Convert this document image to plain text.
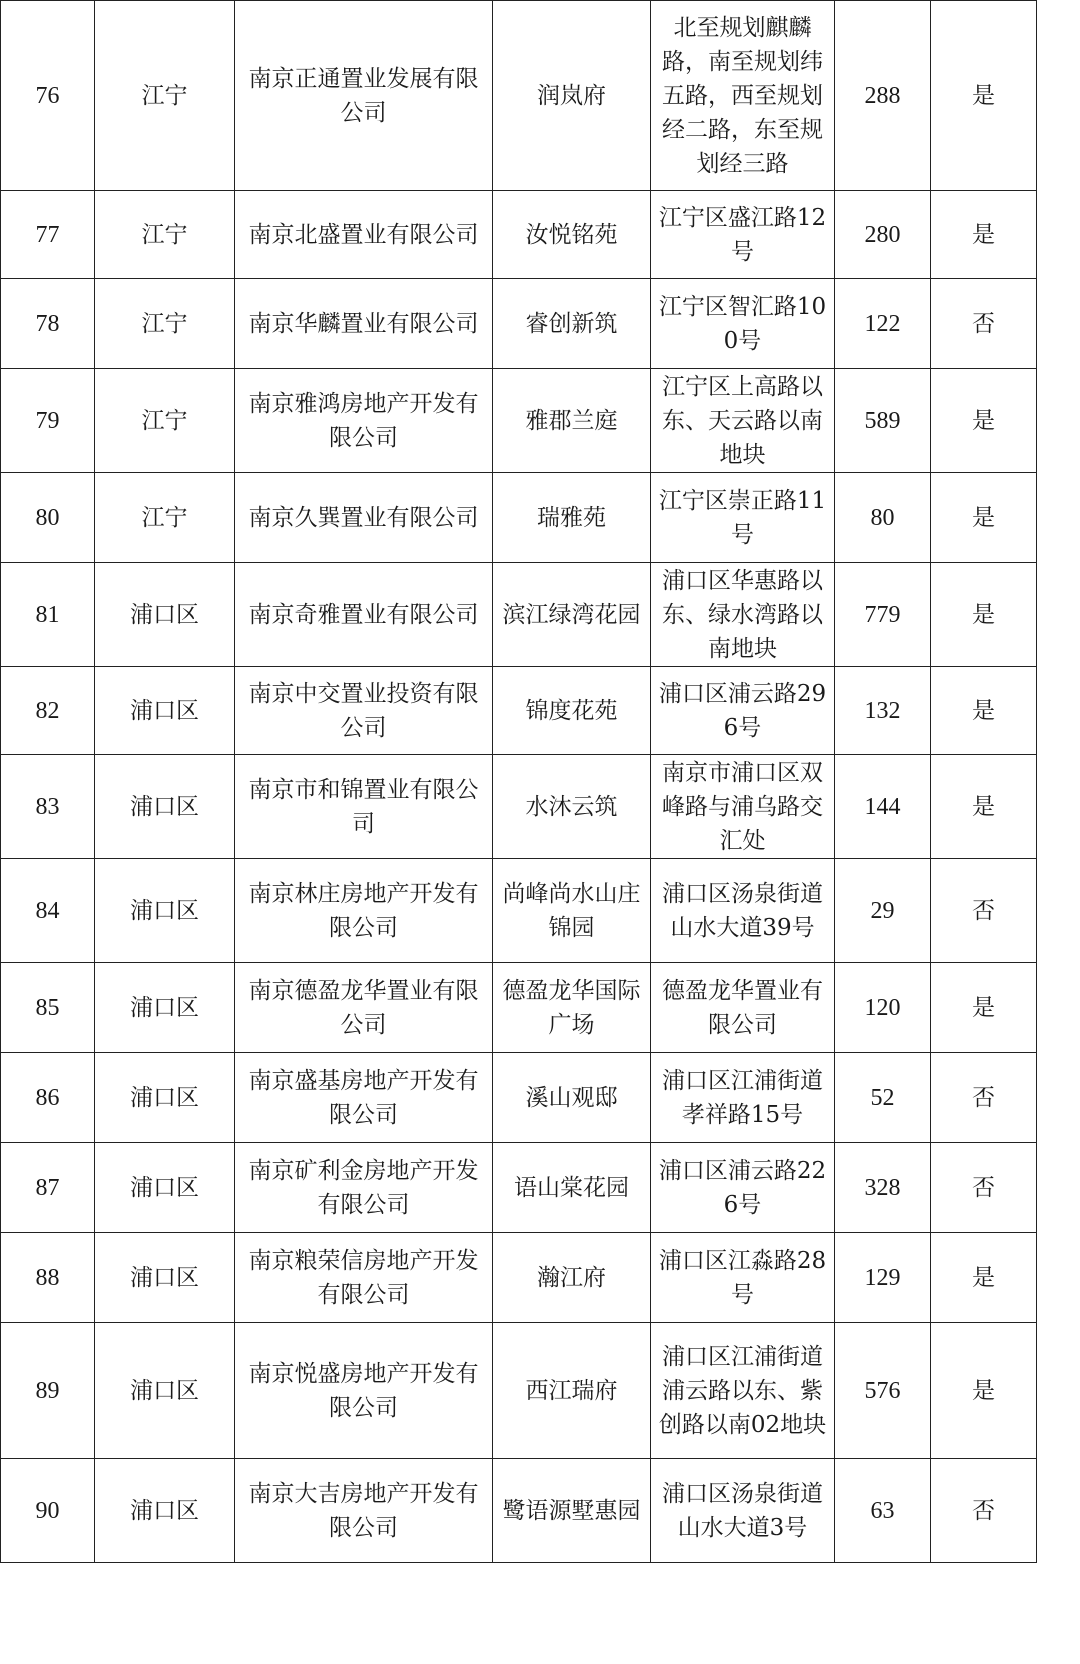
76	江宁	南京正通置业发展有限公司	润岚府	北至规划麒麟路，南至规划纬五路，西至规划经二路，东至规划经三路	288	是
77	江宁	南京北盛置业有限公司	汝悦铭苑	江宁区盛江路12号	280	是
78	江宁	南京华麟置业有限公司	睿创新筑	江宁区智汇路100号	122	否
79	江宁	南京雅鸿房地产开发有限公司	雅郡兰庭	江宁区上高路以东、天云路以南地块	589	是
80	江宁	南京久巽置业有限公司	瑞雅苑	江宁区崇正路11号	80	是
81	浦口区	南京奇雅置业有限公司	滨江绿湾花园	浦口区华惠路以东、绿水湾路以南地块	779	是
82	浦口区	南京中交置业投资有限公司	锦度花苑	浦口区浦云路296号	132	是
83	浦口区	南京市和锦置业有限公司	水沐云筑	南京市浦口区双峰路与浦乌路交汇处	144	是
84	浦口区	南京林庄房地产开发有限公司	尚峰尚水山庄锦园	浦口区汤泉街道山水大道39号	29	否
85	浦口区	南京德盈龙华置业有限公司	德盈龙华国际广场	德盈龙华置业有限公司	120	是
86	浦口区	南京盛基房地产开发有限公司	溪山观邸	浦口区江浦街道孝祥路15号	52	否
87	浦口区	南京矿利金房地产开发有限公司	语山棠花园	浦口区浦云路226号	328	否
88	浦口区	南京粮荣信房地产开发有限公司	瀚江府	浦口区江淼路28号	129	是
89	浦口区	南京悦盛房地产开发有限公司	西江瑞府	浦口区江浦街道浦云路以东、紫创路以南02地块	576	是
90	浦口区	南京大吉房地产开发有限公司	鹭语源墅惠园	浦口区汤泉街道山水大道3号	63	否
